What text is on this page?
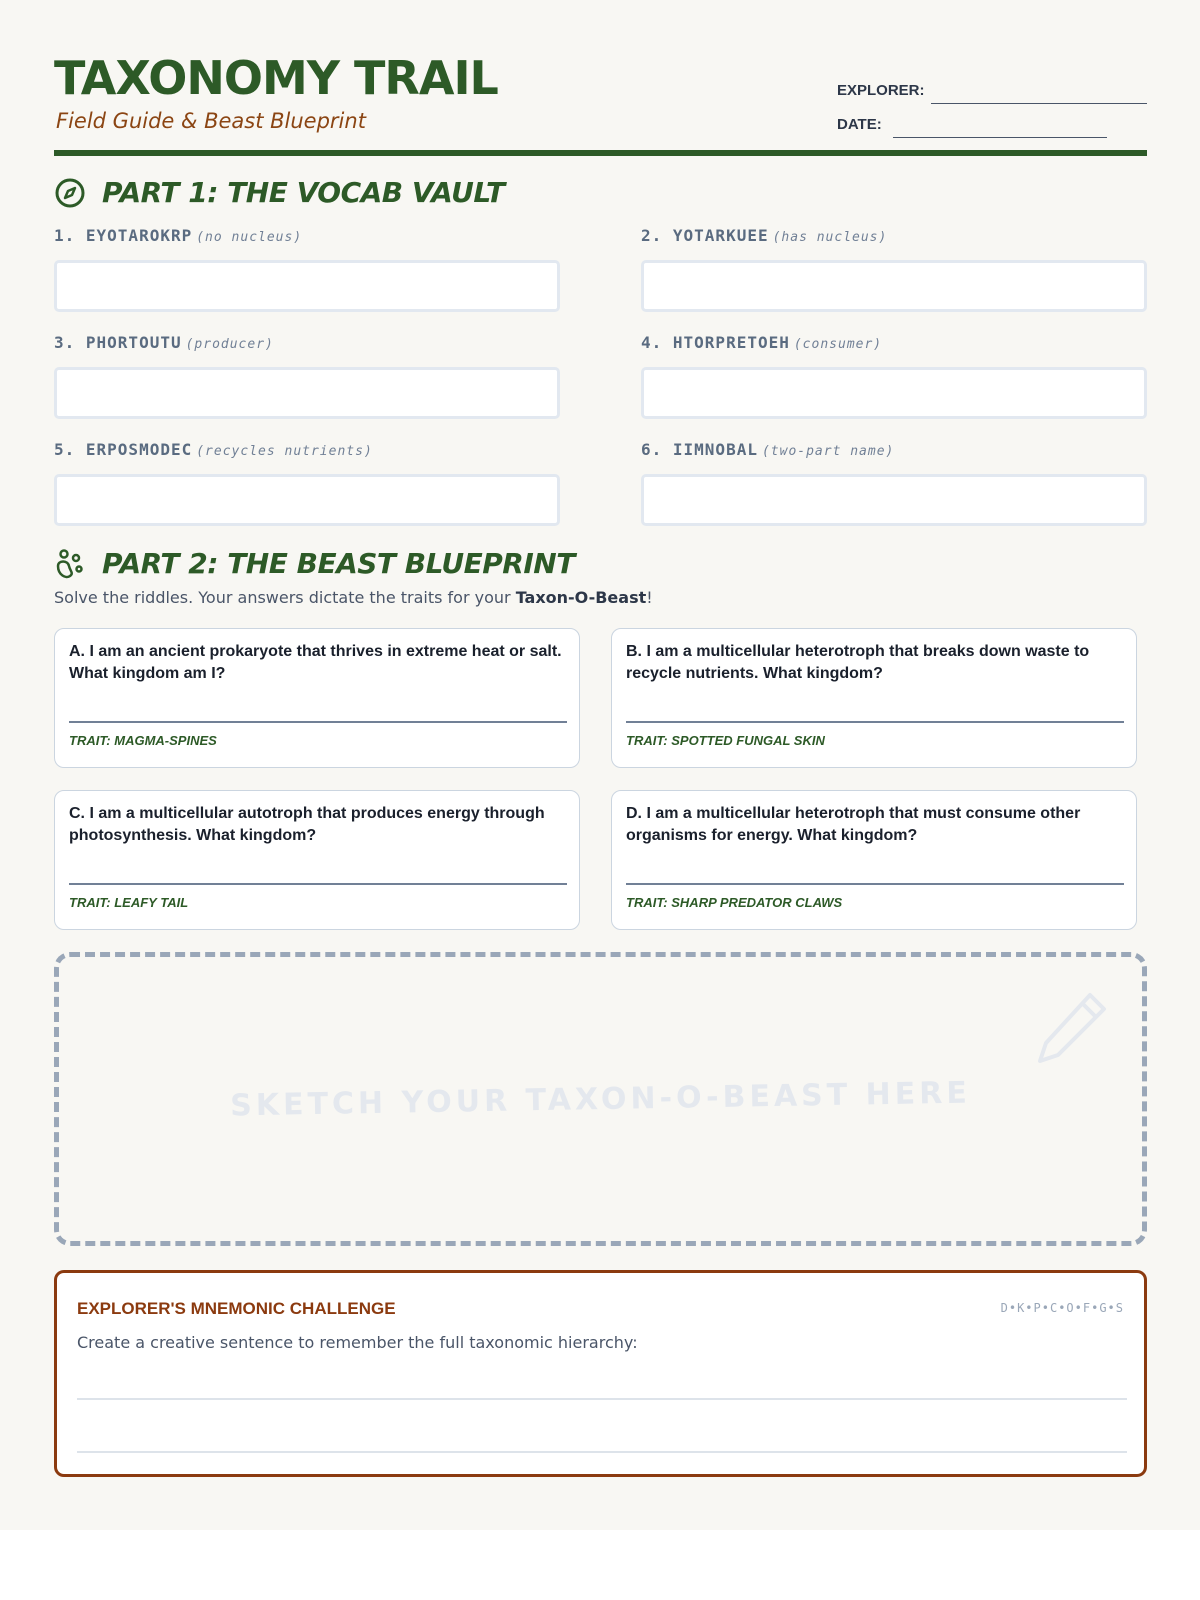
TAXONOMY TRAIL
Field Guide & Beast Blueprint
EXPLORER:
DATE:
PART 1: THE VOCAB VAULT
1. EYOTAROKRP (no nucleus)	2. YOTARKUEE (has nucleus)
3. PHORTOUTU (producer)	4. HTORPRETOEH (consumer)
5. ERPOSMODEC (recycles nutrients)	6. IIMNOBAL (two-part name)
PART 2: THE BEAST BLUEPRINT
Solve the riddles. Your answers dictate the traits for your Taxon-O-Beast!
A. I am an ancient prokaryote that thrives in extreme heat or salt. What kingdom am I?
TRAIT: MAGMA-SPINES
B. I am a multicellular heterotroph that breaks down waste to recycle nutrients. What kingdom?
TRAIT: SPOTTED FUNGAL SKIN
C. I am a multicellular autotroph that produces energy through photosynthesis. What kingdom?
TRAIT: LEAFY TAIL
D. I am a multicellular heterotroph that must consume other organisms for energy. What kingdom?
TRAIT: SHARP PREDATOR CLAWS
SKETCH YOUR TAXON-O-BEAST HERE
EXPLORER'S MNEMONIC CHALLENGE	D•K•P•C•O•F•G•S
Create a creative sentence to remember the full taxonomic hierarchy:
